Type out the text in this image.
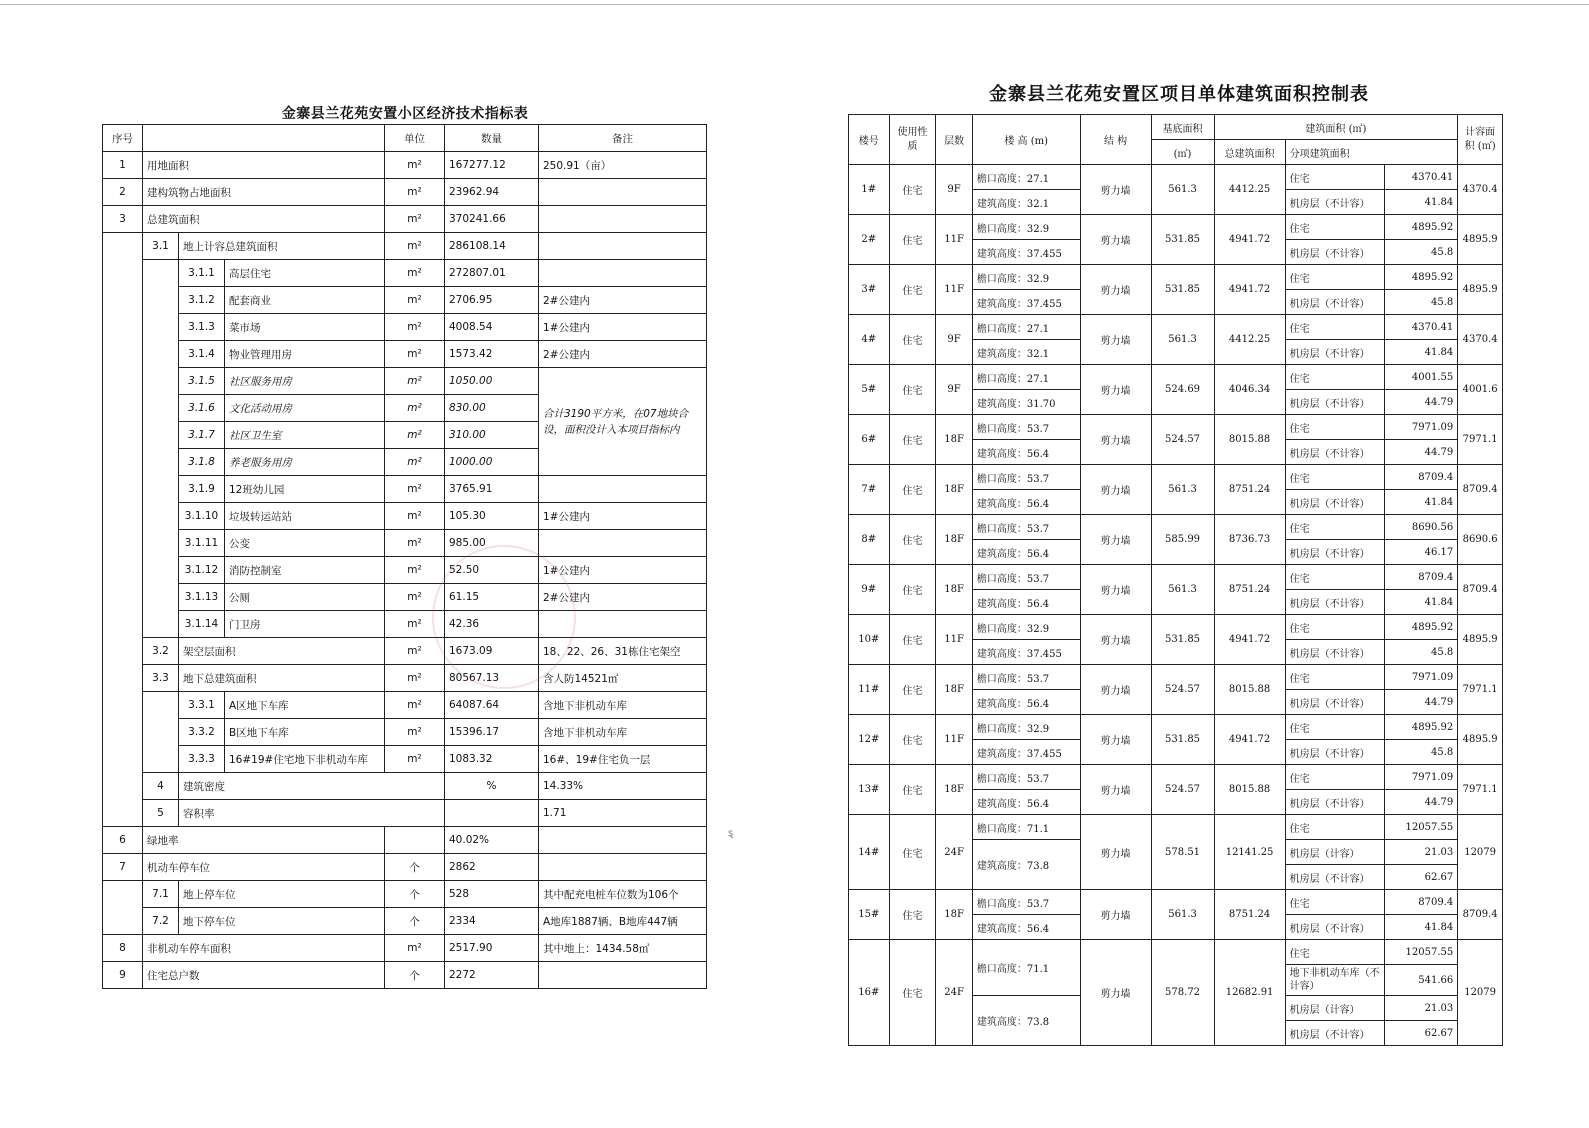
金寨县兰花苑安置小区经济技术指标表
序号				单位	数量	备注	
1	用地面积			m²	167277.12	250.91（亩）	
2	建构筑物占地面积			m²	23962.94		
3	总建筑面积			m²	370241.66		
	3.1	地上计容总建筑面积		m²	286108.14		
		3.1.1	高层住宅	m²	272807.01		
		3.1.2	配套商业	m²	2706.95	2#公建内	
		3.1.3	菜市场	m²	4008.54	1#公建内	
		3.1.4	物业管理用房	m²	1573.42	2#公建内	
		3.1.5	社区服务用房	m²	1050.00	合计3190平方米，在07地块合设，面积没计入本项目指标内	
		3.1.6	文化活动用房	m²	830.00		
		3.1.7	社区卫生室	m²	310.00		
		3.1.8	养老服务用房	m²	1000.00		
		3.1.9	12班幼儿园	m²	3765.91		
		3.1.10	垃圾转运站站	m²	105.30	1#公建内	
		3.1.11	公变	m²	985.00		
		3.1.12	消防控制室	m²	52.50	1#公建内	
		3.1.13	公厕	m²	61.15	2#公建内	
		3.1.14	门卫房	m²	42.36		
	3.2	架空层面积		m²	1673.09	18、22、26、31栋住宅架空	
	3.3	地下总建筑面积		m²	80567.13	含人防14521㎡	
		3.3.1	A区地下车库	m²	64087.64	含地下非机动车库	
		3.3.2	B区地下车库	m²	15396.17	含地下非机动车库	
		3.3.3	16#19#住宅地下非机动车库	m²	1083.32	16#、19#住宅负一层	
	4	建筑密度			%	14.33%	
	5	容积率				1.71	
6	绿地率				40.02%		
7	机动车停车位			个	2862		
	7.1	地上停车位		个	528	其中配充电桩车位数为106个	
	7.2	地下停车位		个	2334	A地库1887辆、B地库447辆	
8	非机动车停车面积			m²	2517.90	其中地上：1434.58㎡	
9	住宅总户数			个	2272		
金寨县兰花苑安置区项目单体建筑面积控制表
楼号	使用性质	层数	楼 高 (m)	结 构	基底面积	建筑面积 (㎡)			计容面积 (㎡)
					(㎡)	总建筑面积	分项建筑面积		
1#	住宅	9F	檐口高度：27.1	剪力墙	561.3	4412.25	住宅	4370.41	4370.4
			建筑高度：32.1				机房层（不计容）	41.84	
2#	住宅	11F	檐口高度：32.9	剪力墙	531.85	4941.72	住宅	4895.92	4895.9
			建筑高度：37.455				机房层（不计容）	45.8	
3#	住宅	11F	檐口高度：32.9	剪力墙	531.85	4941.72	住宅	4895.92	4895.9
			建筑高度：37.455				机房层（不计容）	45.8	
4#	住宅	9F	檐口高度：27.1	剪力墙	561.3	4412.25	住宅	4370.41	4370.4
			建筑高度：32.1				机房层（不计容）	41.84	
5#	住宅	9F	檐口高度：27.1	剪力墙	524.69	4046.34	住宅	4001.55	4001.6
			建筑高度：31.70				机房层（不计容）	44.79	
6#	住宅	18F	檐口高度：53.7	剪力墙	524.57	8015.88	住宅	7971.09	7971.1
			建筑高度：56.4				机房层（不计容）	44.79	
7#	住宅	18F	檐口高度：53.7	剪力墙	561.3	8751.24	住宅	8709.4	8709.4
			建筑高度：56.4				机房层（不计容）	41.84	
8#	住宅	18F	檐口高度：53.7	剪力墙	585.99	8736.73	住宅	8690.56	8690.6
			建筑高度：56.4				机房层（不计容）	46.17	
9#	住宅	18F	檐口高度：53.7	剪力墙	561.3	8751.24	住宅	8709.4	8709.4
			建筑高度：56.4				机房层（不计容）	41.84	
10#	住宅	11F	檐口高度：32.9	剪力墙	531.85	4941.72	住宅	4895.92	4895.9
			建筑高度：37.455				机房层（不计容）	45.8	
11#	住宅	18F	檐口高度：53.7	剪力墙	524.57	8015.88	住宅	7971.09	7971.1
			建筑高度：56.4				机房层（不计容）	44.79	
12#	住宅	11F	檐口高度：32.9	剪力墙	531.85	4941.72	住宅	4895.92	4895.9
			建筑高度：37.455				机房层（不计容）	45.8	
13#	住宅	18F	檐口高度：53.7	剪力墙	524.57	8015.88	住宅	7971.09	7971.1
			建筑高度：56.4				机房层（不计容）	44.79	
14#	住宅	24F	檐口高度：71.1	剪力墙	578.51	12141.25	住宅	12057.55	12079
			建筑高度：73.8				机房层（计容）	21.03	
							机房层（不计容）	62.67	
15#	住宅	18F	檐口高度：53.7	剪力墙	561.3	8751.24	住宅	8709.4	8709.4
			建筑高度：56.4				机房层（不计容）	41.84	
16#	住宅	24F	檐口高度：71.1	剪力墙	578.72	12682.91	住宅	12057.55	12079
							地下非机动车库（不计容）	541.66	
			建筑高度：73.8				机房层（计容）	21.03	
							机房层（不计容）	62.67	
ȿ
